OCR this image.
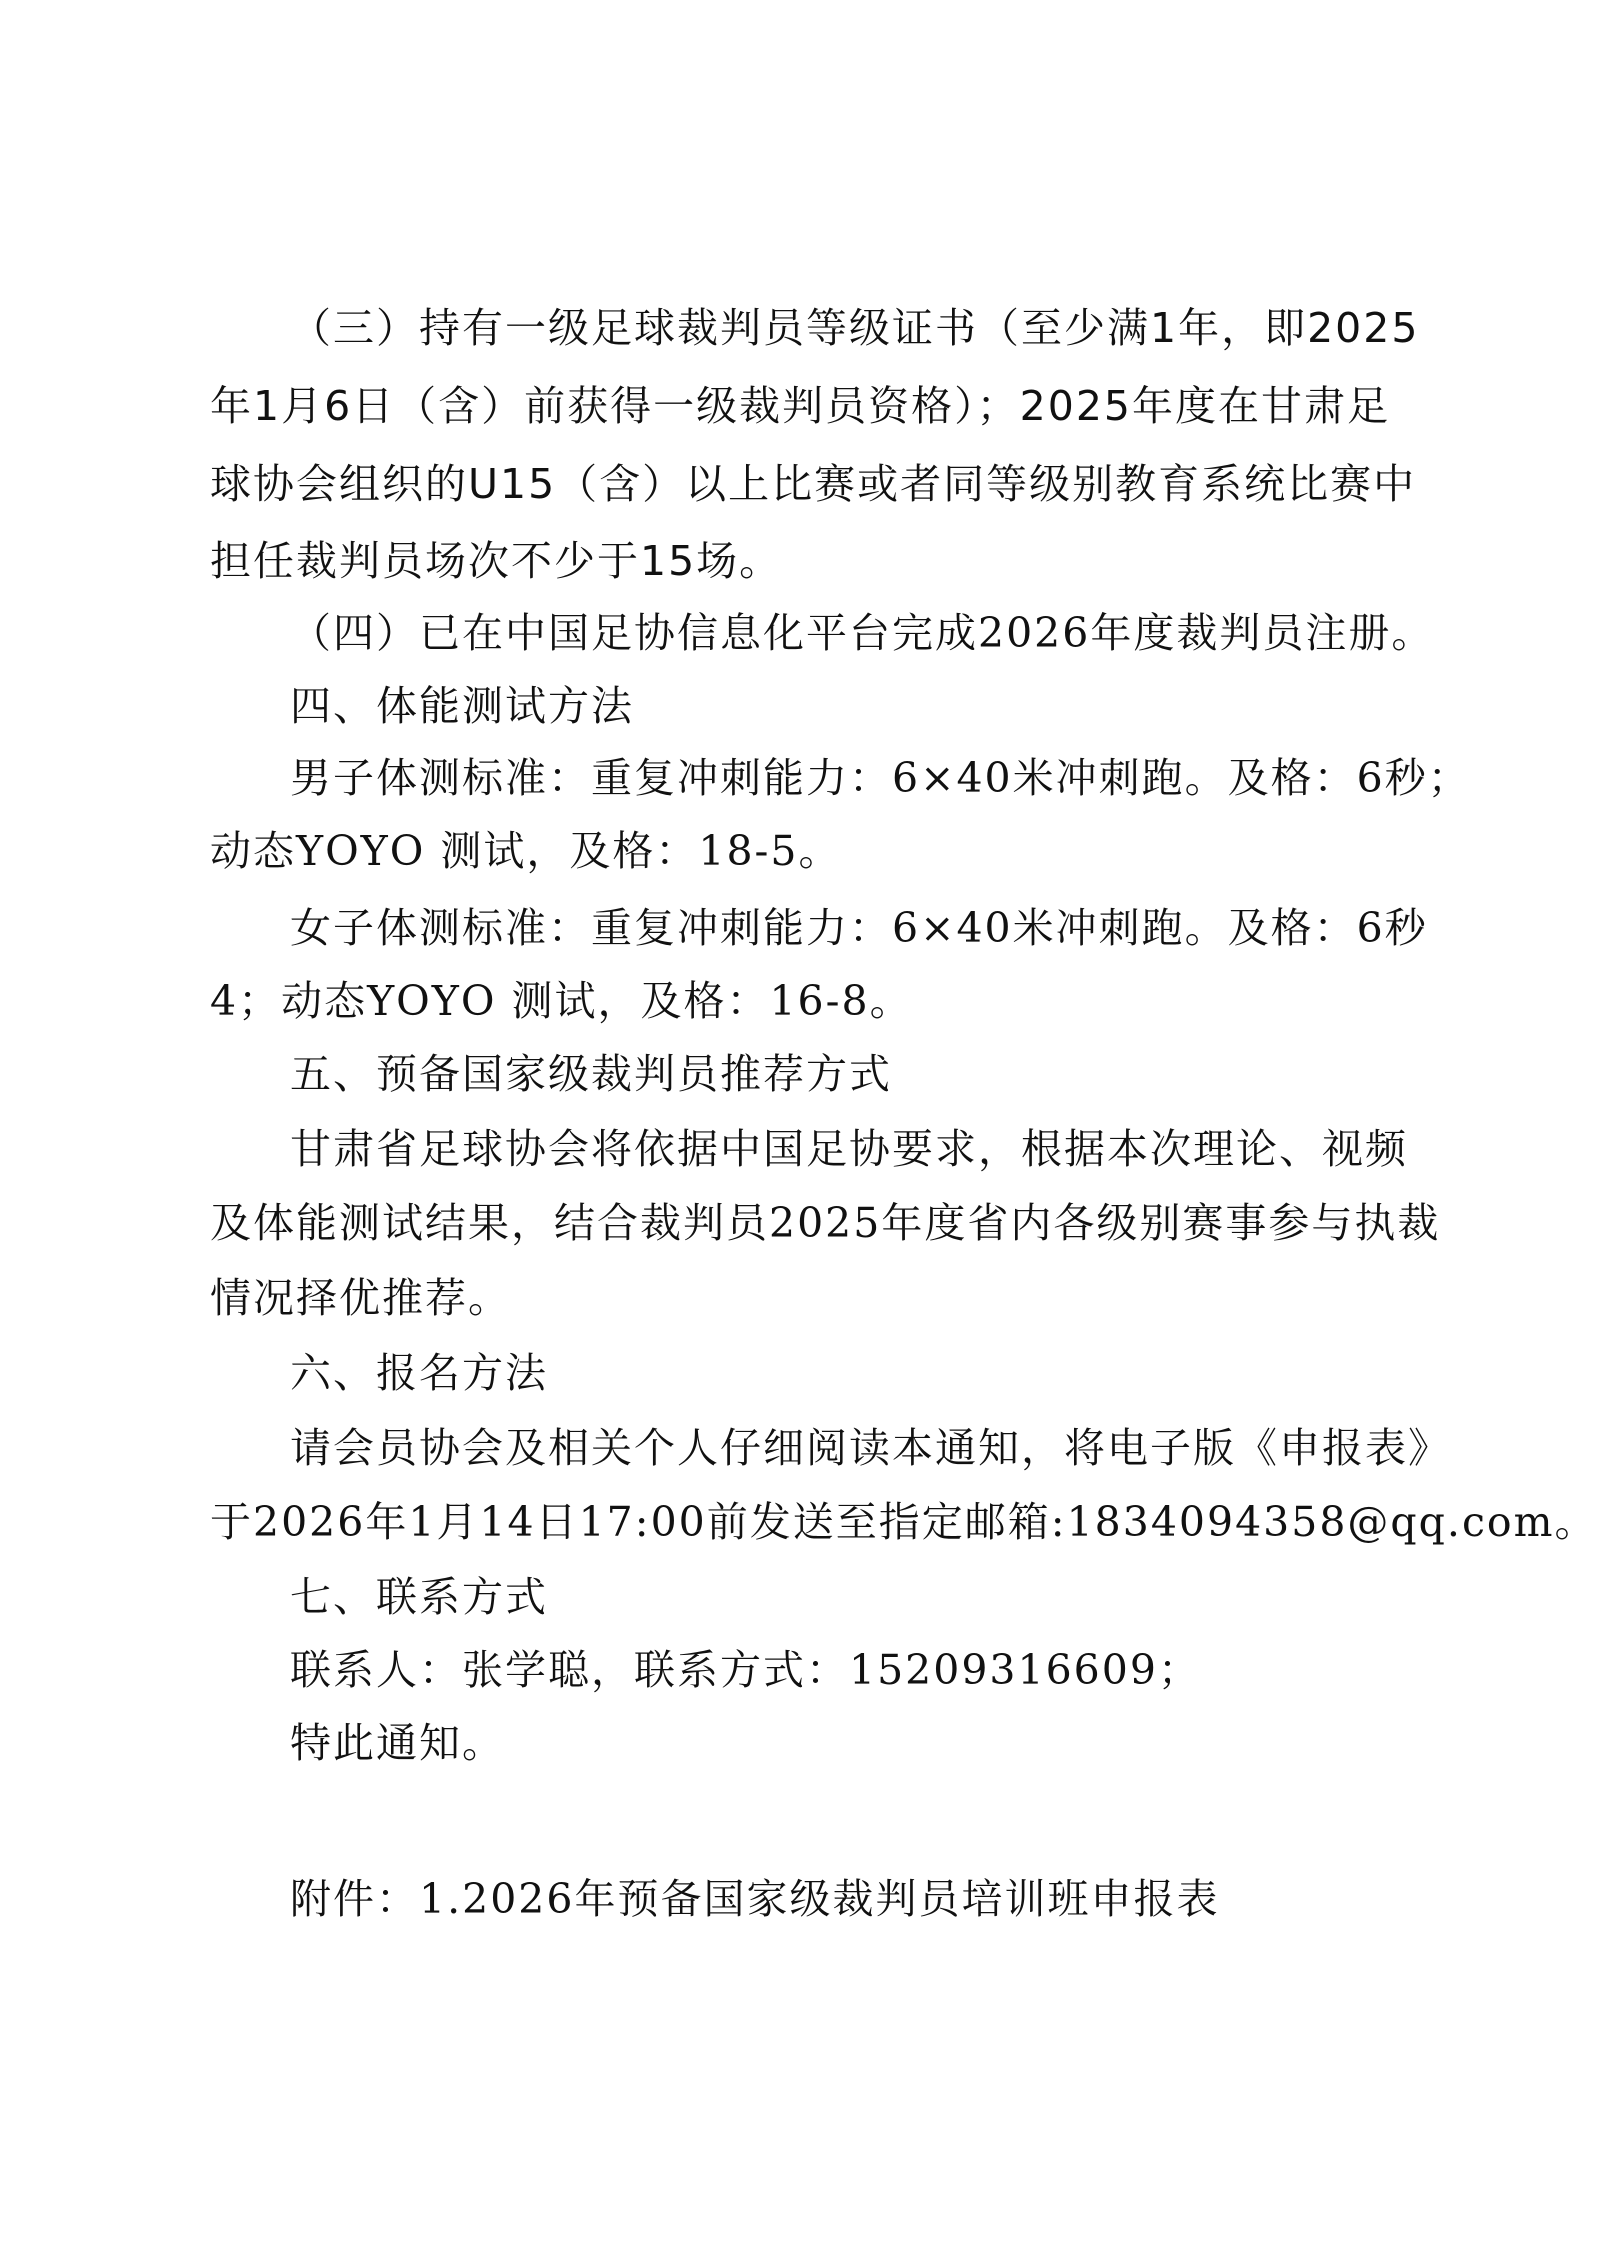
（三）持有一级足球裁判员等级证书（至少满1年，即2025
年1月6日（含）前获得一级裁判员资格）；2025年度在甘肃足
球协会组织的U15（含）以上比赛或者同等级别教育系统比赛中
担任裁判员场次不少于15场。
（四）已在中国足协信息化平台完成2026年度裁判员注册。
四、体能测试方法
男子体测标准：重复冲刺能力：6×40米冲刺跑。及格：6秒；
动态YOYO 测试，及格：18-5。
女子体测标准：重复冲刺能力：6×40米冲刺跑。及格：6秒
4；动态YOYO 测试，及格：16-8。
五、预备国家级裁判员推荐方式
甘肃省足球协会将依据中国足协要求，根据本次理论、视频
及体能测试结果，结合裁判员2025年度省内各级别赛事参与执裁
情况择优推荐。
六、报名方法
请会员协会及相关个人仔细阅读本通知，将电子版《申报表》
于2026年1月14日17:00前发送至指定邮箱:1834094358@qq.com。
七、联系方式
联系人：张学聪，联系方式：15209316609；
特此通知。
附件：1.2026年预备国家级裁判员培训班申报表
